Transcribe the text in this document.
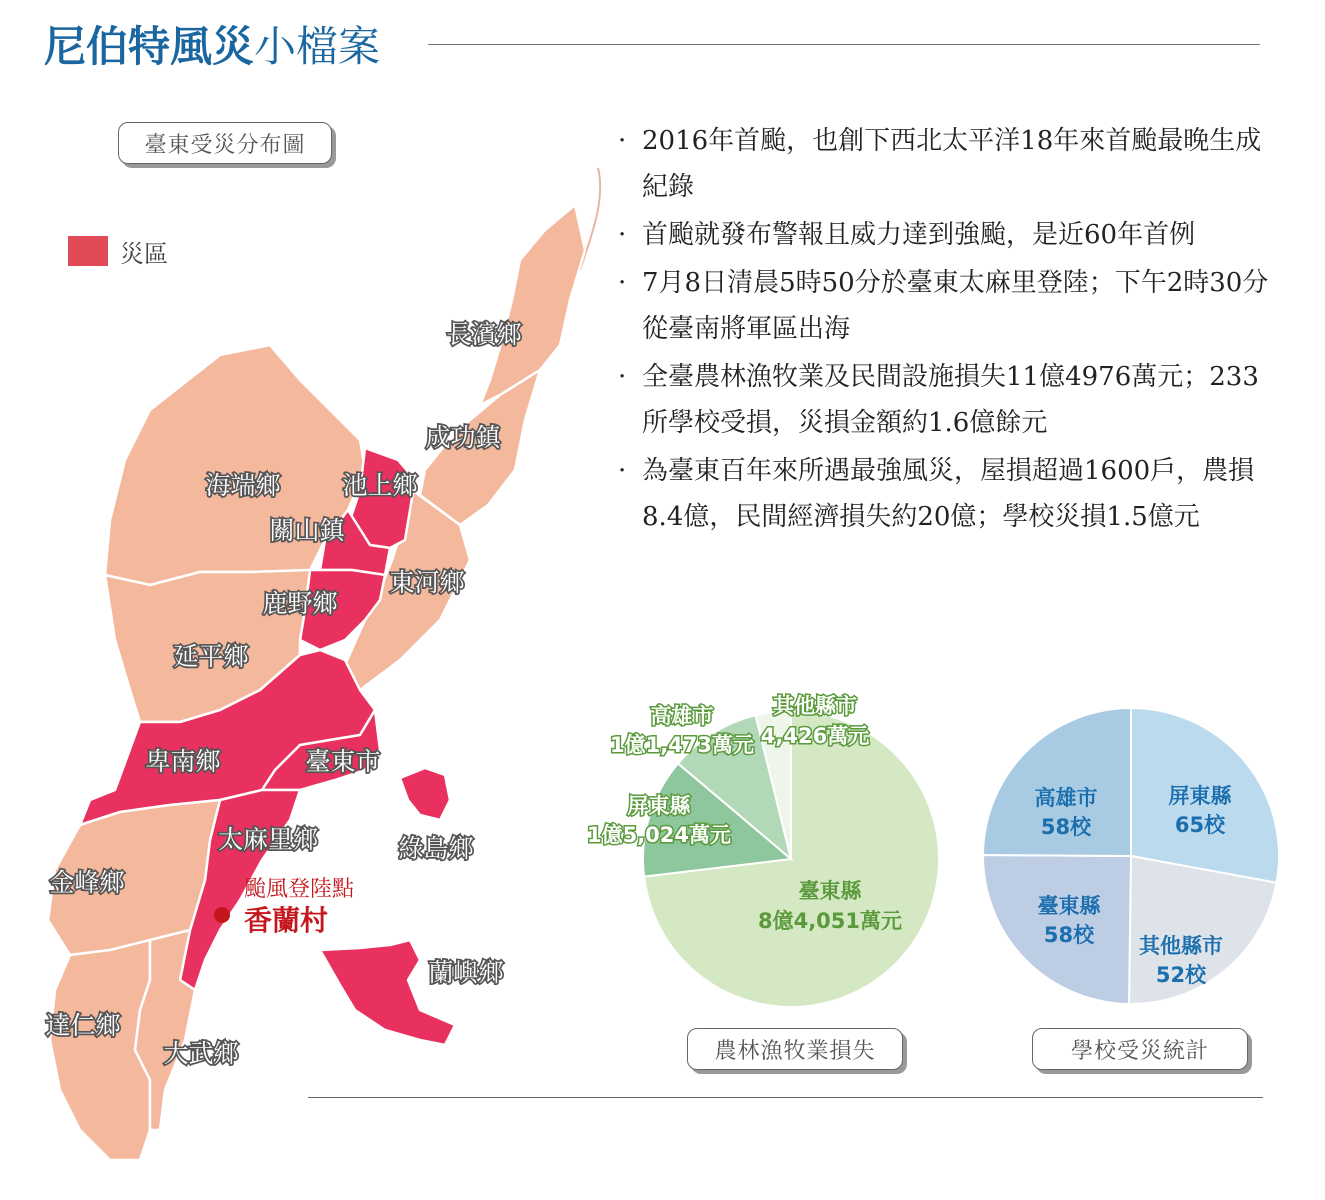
尼伯特風災小檔案
臺東受災分布圖
災區
長濱鄉
成功鎮
海端鄉 池上鄉
關山鎮
東河鄉
鹿野鄉
延平鄉
卑南鄉	臺東市
太麻里鄉	綠島鄉
金峰鄉
蘭嶼鄉
達仁鄉
大武鄉
颱風登陸點
香蘭村
· 2016年首颱，也創下西北太平洋18年來首颱最晚生成紀錄
· 首颱就發布警報且威力達到強颱，是近60年首例
· 7月8日清晨5時50分於臺東太麻里登陸；下午2時30分從臺南將軍區出海
· 全臺農林漁牧業及民間設施損失11億4976萬元；233所學校受損，災損金額約1.6億餘元
· 為臺東百年來所遇最強風災，屋損超過1600戶，農損8.4億，民間經濟損失約20億；學校災損1.5億元
臺東縣
8億4,051萬元
屏東縣
1億5,024萬元
高雄市
1億1,473萬元
其他縣市
4,426萬元
屏東縣
65校
其他縣市
52校
臺東縣
58校
高雄市
58校
農林漁牧業損失	學校受災統計
